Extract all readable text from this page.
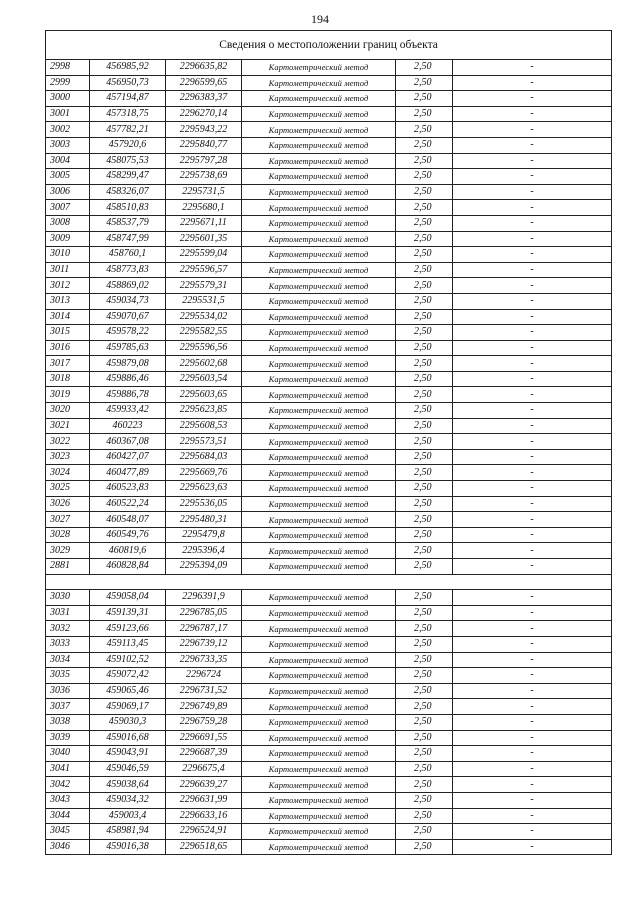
194
Сведения о местоположении границ объекта					
2998	456985,92	2296635,82	Картометрический метод	2,50		-
2999	456950,73	2296599,65	Картометрический метод	2,50		-
3000	457194,87	2296383,37	Картометрический метод	2,50		-
3001	457318,75	2296270,14	Картометрический метод	2,50		-
3002	457782,21	2295943,22	Картометрический метод	2,50		-
3003	457920,6	2295840,77	Картометрический метод	2,50		-
3004	458075,53	2295797,28	Картометрический метод	2,50		-
3005	458299,47	2295738,69	Картометрический метод	2,50		-
3006	458326,07	2295731,5	Картометрический метод	2,50		-
3007	458510,83	2295680,1	Картометрический метод	2,50		-
3008	458537,79	2295671,11	Картометрический метод	2,50		-
3009	458747,99	2295601,35	Картометрический метод	2,50		-
3010	458760,1	2295599,04	Картометрический метод	2,50		-
3011	458773,83	2295596,57	Картометрический метод	2,50		-
3012	458869,02	2295579,31	Картометрический метод	2,50		-
3013	459034,73	2295531,5	Картометрический метод	2,50		-
3014	459070,67	2295534,02	Картометрический метод	2,50		-
3015	459578,22	2295582,55	Картометрический метод	2,50		-
3016	459785,63	2295596,56	Картометрический метод	2,50		-
3017	459879,08	2295602,68	Картометрический метод	2,50		-
3018	459886,46	2295603,54	Картометрический метод	2,50		-
3019	459886,78	2295603,65	Картометрический метод	2,50		-
3020	459933,42	2295623,85	Картометрический метод	2,50		-
3021	460223	2295608,53	Картометрический метод	2,50		-
3022	460367,08	2295573,51	Картометрический метод	2,50		-
3023	460427,07	2295684,03	Картометрический метод	2,50		-
3024	460477,89	2295669,76	Картометрический метод	2,50		-
3025	460523,83	2295623,63	Картометрический метод	2,50		-
3026	460522,24	2295536,05	Картометрический метод	2,50		-
3027	460548,07	2295480,31	Картометрический метод	2,50		-
3028	460549,76	2295479,8	Картометрический метод	2,50		-
3029	460819,6	2295396,4	Картометрический метод	2,50		-
2881	460828,84	2295394,09	Картометрический метод	2,50		-

3030	459058,04	2296391,9	Картометрический метод	2,50		-
3031	459139,31	2296785,05	Картометрический метод	2,50		-
3032	459123,66	2296787,17	Картометрический метод	2,50		-
3033	459113,45	2296739,12	Картометрический метод	2,50		-
3034	459102,52	2296733,35	Картометрический метод	2,50		-
3035	459072,42	2296724	Картометрический метод	2,50		-
3036	459065,46	2296731,52	Картометрический метод	2,50		-
3037	459069,17	2296749,89	Картометрический метод	2,50		-
3038	459030,3	2296759,28	Картометрический метод	2,50		-
3039	459016,68	2296691,55	Картометрический метод	2,50		-
3040	459043,91	2296687,39	Картометрический метод	2,50		-
3041	459046,59	2296675,4	Картометрический метод	2,50		-
3042	459038,64	2296639,27	Картометрический метод	2,50		-
3043	459034,32	2296631,99	Картометрический метод	2,50		-
3044	459003,4	2296633,16	Картометрический метод	2,50		-
3045	458981,94	2296524,91	Картометрический метод	2,50		-
3046	459016,38	2296518,65	Картометрический метод	2,50		-
